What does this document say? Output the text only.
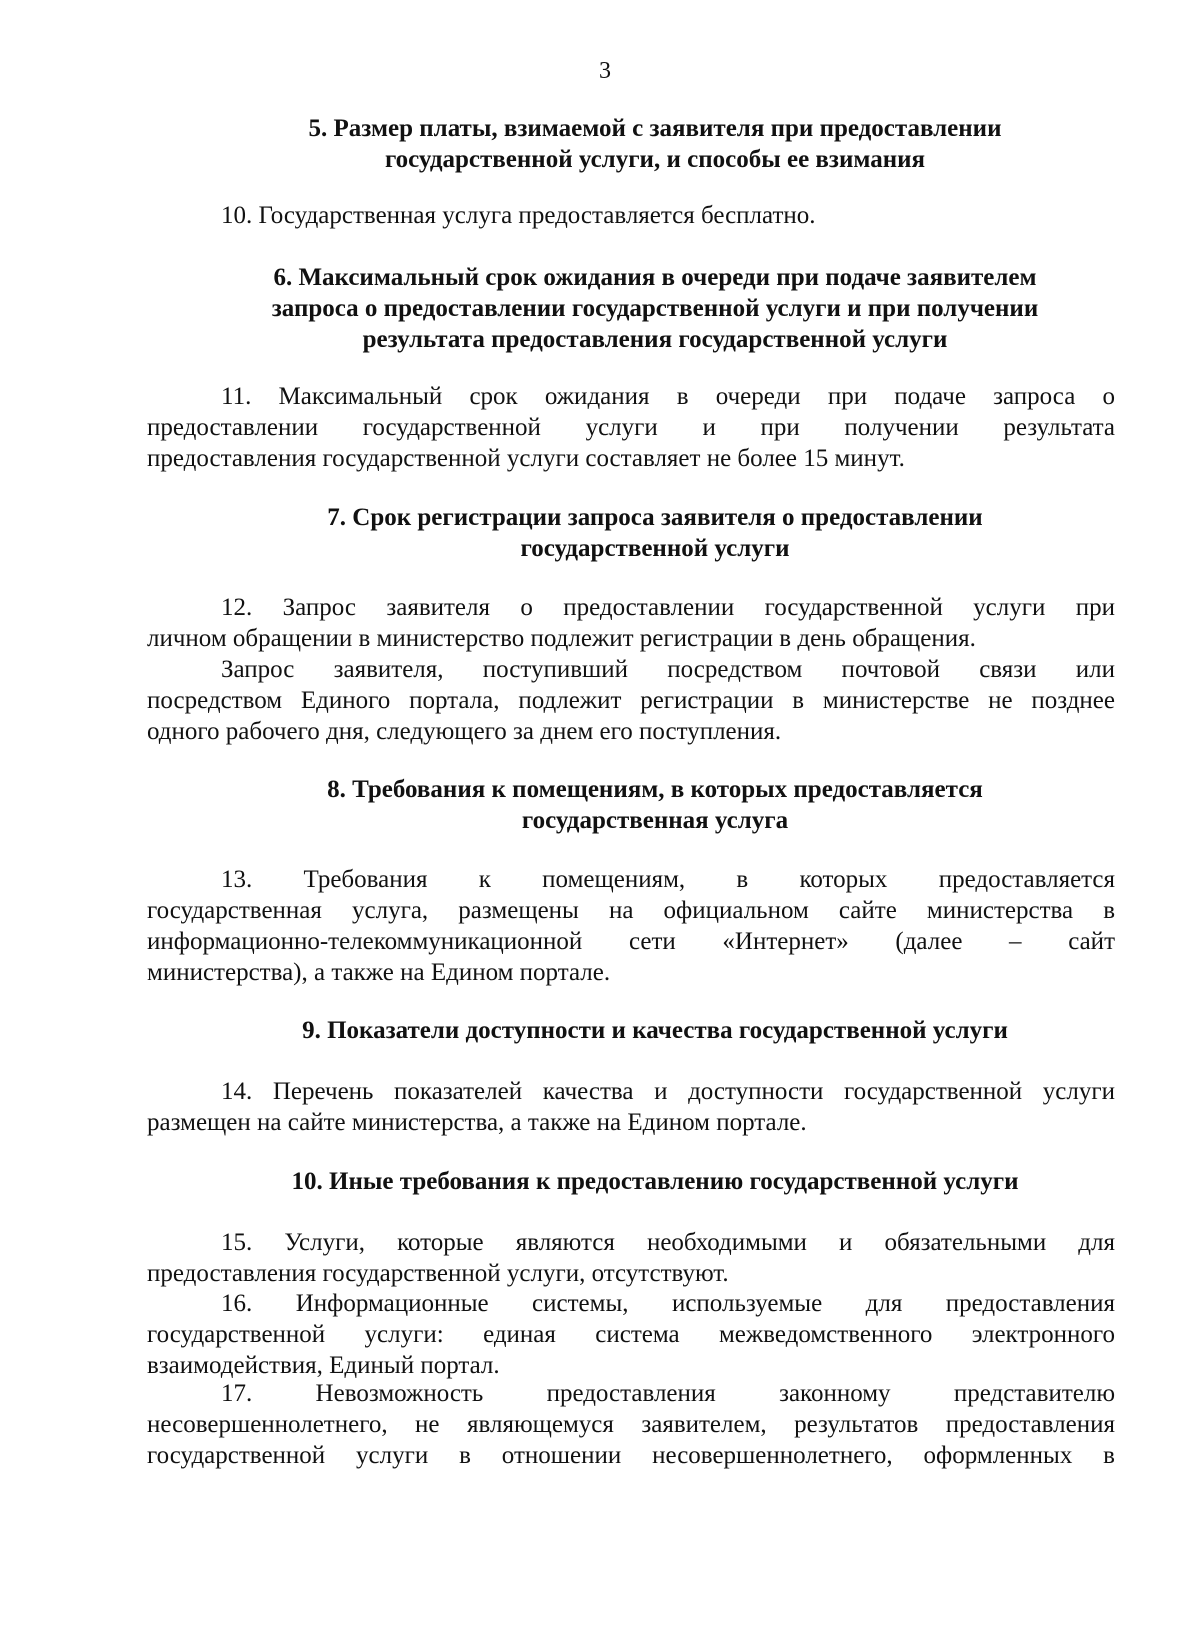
3
5. Размер платы, взимаемой с заявителя при предоставлении
государственной услуги, и способы ее взимания
10. Государственная услуга предоставляется бесплатно.
6. Максимальный срок ожидания в очереди при подаче заявителем
запроса о предоставлении государственной услуги и при получении
результата предоставления государственной услуги
11. Максимальный срок ожидания в очереди при подаче запроса о
предоставлении государственной услуги и при получении результата
предоставления государственной услуги составляет не более 15 минут.
7. Срок регистрации запроса заявителя о предоставлении
государственной услуги
12. Запрос заявителя о предоставлении государственной услуги при
личном обращении в министерство подлежит регистрации в день обращения.
Запрос заявителя, поступивший посредством почтовой связи или
посредством Единого портала, подлежит регистрации в министерстве не позднее
одного рабочего дня, следующего за днем его поступления.
8. Требования к помещениям, в которых предоставляется
государственная услуга
13. Требования к помещениям, в которых предоставляется
государственная услуга, размещены на официальном сайте министерства в
информационно-телекоммуникационной сети «Интернет» (далее – сайт
министерства), а также на Едином портале.
9. Показатели доступности и качества государственной услуги
14. Перечень показателей качества и доступности государственной услуги
размещен на сайте министерства, а также на Едином портале.
10. Иные требования к предоставлению государственной услуги
15. Услуги, которые являются необходимыми и обязательными для
предоставления государственной услуги, отсутствуют.
16. Информационные системы, используемые для предоставления
государственной услуги: единая система межведомственного электронного
взаимодействия, Единый портал.
17. Невозможность предоставления законному представителю
несовершеннолетнего, не являющемуся заявителем, результатов предоставления
государственной услуги в отношении несовершеннолетнего, оформленных в
